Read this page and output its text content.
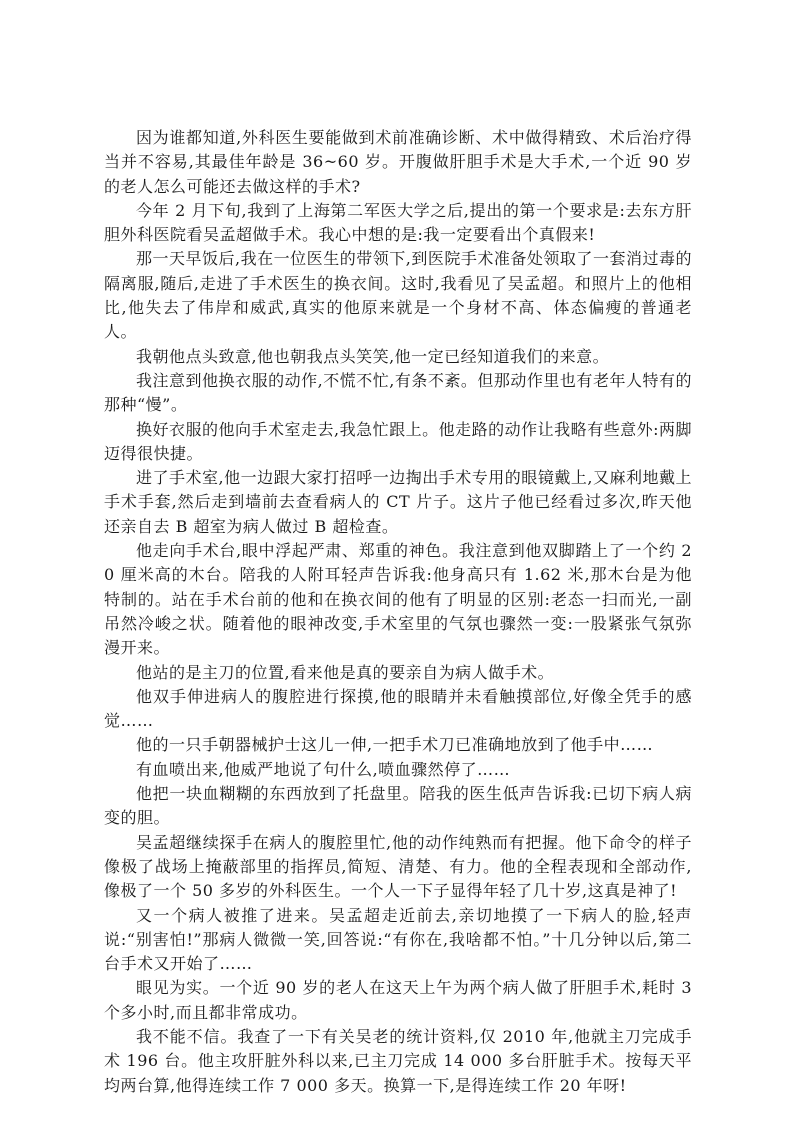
因为谁都知道,外科医生要能做到术前准确诊断、术中做得精致、术后治疗得当并不容易,其最佳年龄是 36~60 岁。开腹做肝胆手术是大手术,一个近 90 岁的老人怎么可能还去做这样的手术?

今年 2 月下旬,我到了上海第二军医大学之后,提出的第一个要求是:去东方肝胆外科医院看吴孟超做手术。我心中想的是:我一定要看出个真假来!

那一天早饭后,我在一位医生的带领下,到医院手术准备处领取了一套消过毒的隔离服,随后,走进了手术医生的换衣间。这时,我看见了吴孟超。和照片上的他相比,他失去了伟岸和威武,真实的他原来就是一个身材不高、体态偏瘦的普通老人。

我朝他点头致意,他也朝我点头笑笑,他一定已经知道我们的来意。

我注意到他换衣服的动作,不慌不忙,有条不紊。但那动作里也有老年人特有的那种“慢”。

换好衣服的他向手术室走去,我急忙跟上。他走路的动作让我略有些意外:两脚迈得很快捷。

进了手术室,他一边跟大家打招呼一边掏出手术专用的眼镜戴上,又麻利地戴上手术手套,然后走到墙前去查看病人的 CT 片子。这片子他已经看过多次,昨天他还亲自去 B 超室为病人做过 B 超检查。

他走向手术台,眼中浮起严肃、郑重的神色。我注意到他双脚踏上了一个约 20 厘米高的木台。陪我的人附耳轻声告诉我:他身高只有 1.62 米,那木台是为他特制的。站在手术台前的他和在换衣间的他有了明显的区别:老态一扫而光,一副吊然冷峻之状。随着他的眼神改变,手术室里的气氛也骤然一变:一股紧张气氛弥漫开来。

他站的是主刀的位置,看来他是真的要亲自为病人做手术。

他双手伸进病人的腹腔进行探摸,他的眼睛并未看触摸部位,好像全凭手的感觉……

他的一只手朝器械护士这儿一伸,一把手术刀已准确地放到了他手中……

有血喷出来,他威严地说了句什么,喷血骤然停了……

他把一块血糊糊的东西放到了托盘里。陪我的医生低声告诉我:已切下病人病变的胆。

吴孟超继续探手在病人的腹腔里忙,他的动作纯熟而有把握。他下命令的样子像极了战场上掩蔽部里的指挥员,简短、清楚、有力。他的全程表现和全部动作,像极了一个 50 多岁的外科医生。一个人一下子显得年轻了几十岁,这真是神了!

又一个病人被推了进来。吴孟超走近前去,亲切地摸了一下病人的脸,轻声说:“别害怕!”那病人微微一笑,回答说:“有你在,我啥都不怕。”十几分钟以后,第二台手术又开始了……

眼见为实。一个近 90 岁的老人在这天上午为两个病人做了肝胆手术,耗时 3 个多小时,而且都非常成功。

我不能不信。我查了一下有关吴老的统计资料,仅 2010 年,他就主刀完成手术 196 台。他主攻肝脏外科以来,已主刀完成 14 000 多台肝脏手术。按每天平均两台算,他得连续工作 7 000 多天。换算一下,是得连续工作 20 年呀!
